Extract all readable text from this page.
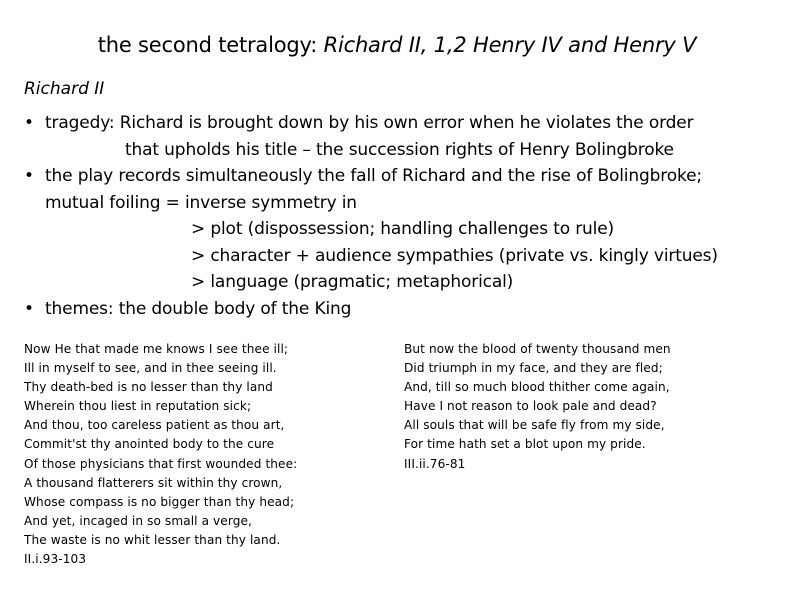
the second tetralogy: Richard II, 1,2 Henry IV and Henry V
Richard II
• tragedy: Richard is brought down by his own error when he violates the order
that upholds his title – the succession rights of Henry Bolingbroke
• the play records simultaneously the fall of Richard and the rise of Bolingbroke;
mutual foiling = inverse symmetry in
> plot (dispossession; handling challenges to rule)
> character + audience sympathies (private vs. kingly virtues)
> language (pragmatic; metaphorical)
• themes: the double body of the King
Now He that made me knows I see thee ill;
Ill in myself to see, and in thee seeing ill.
Thy death-bed is no lesser than thy land
Wherein thou liest in reputation sick;
And thou, too careless patient as thou art,
Commit'st thy anointed body to the cure
Of those physicians that first wounded thee:
A thousand flatterers sit within thy crown,
Whose compass is no bigger than thy head;
And yet, incaged in so small a verge,
The waste is no whit lesser than thy land.
II.i.93-103
But now the blood of twenty thousand men
Did triumph in my face, and they are fled;
And, till so much blood thither come again,
Have I not reason to look pale and dead?
All souls that will be safe fly from my side,
For time hath set a blot upon my pride.
III.ii.76-81
